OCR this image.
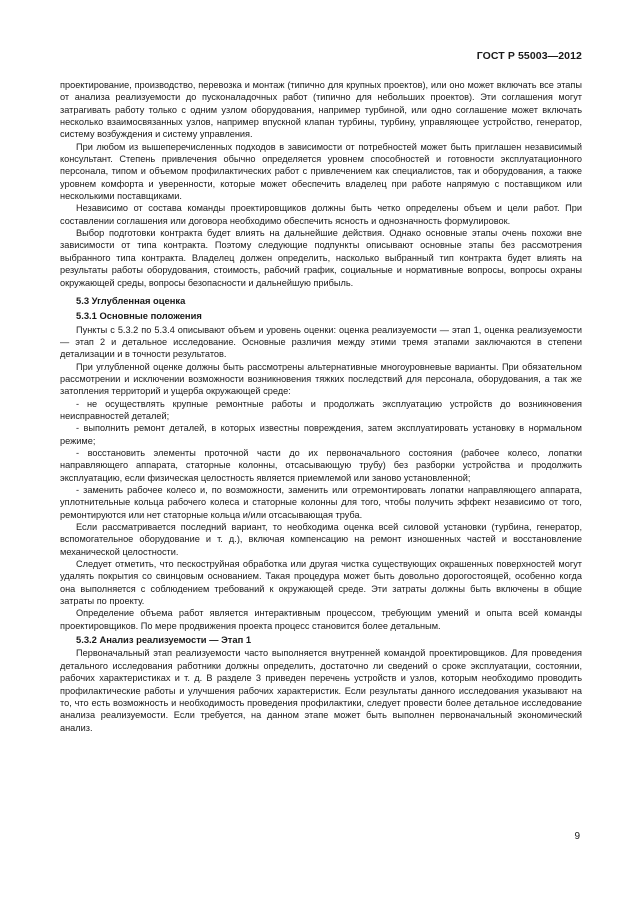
ГОСТ Р 55003—2012

проектирование, производство, перевозка и монтаж (типично для крупных проектов), или оно может включать все этапы от анализа реализуемости до пусконаладочных работ (типично для небольших проектов). Эти соглашения могут затрагивать работу только с одним узлом оборудования, например турбиной, или одно соглашение может включать несколько взаимосвязанных узлов, например впускной клапан турбины, турбину, управляющее устройство, генератор, систему возбуждения и систему управления.

При любом из вышеперечисленных подходов в зависимости от потребностей может быть приглашен независимый консультант. Степень привлечения обычно определяется уровнем способностей и готовности эксплуатационного персонала, типом и объемом профилактических работ с привлечением как специалистов, так и оборудования, а также уровнем комфорта и уверенности, которые может обеспечить владелец при работе напрямую с поставщиком или несколькими поставщиками.

Независимо от состава команды проектировщиков должны быть четко определены объем и цели работ. При составлении соглашения или договора необходимо обеспечить ясность и однозначность формулировок.

Выбор подготовки контракта будет влиять на дальнейшие действия. Однако основные этапы очень похожи вне зависимости от типа контракта. Поэтому следующие подпункты описывают основные этапы без рассмотрения выбранного типа контракта. Владелец должен определить, насколько выбранный тип контракта будет влиять на результаты работы оборудования, стоимость, рабочий график, социальные и нормативные вопросы, вопросы охраны окружающей среды, вопросы безопасности и дальнейшую прибыль.

5.3 Углубленная оценка
5.3.1 Основные положения

Пункты с 5.3.2 по 5.3.4 описывают объем и уровень оценки: оценка реализуемости — этап 1, оценка реализуемости — этап 2 и детальное исследование. Основные различия между этими тремя этапами заключаются в степени детализации и в точности результатов.

При углубленной оценке должны быть рассмотрены альтернативные многоуровневые варианты. При обязательном рассмотрении и исключении возможности возникновения тяжких последствий для персонала, оборудования, а так же затопления территорий и ущерба окружающей среде:

- не осуществлять крупные ремонтные работы и продолжать эксплуатацию устройств до возникновения неисправностей деталей;

- выполнить ремонт деталей, в которых известны повреждения, затем эксплуатировать установку в нормальном режиме;

- восстановить элементы проточной части до их первоначального состояния (рабочее колесо, лопатки направляющего аппарата, статорные колонны, отсасывающую трубу) без разборки устройства и продолжить эксплуатацию, если физическая целостность является приемлемой или заново установленной;

- заменить рабочее колесо и, по возможности, заменить или отремонтировать лопатки направляющего аппарата, уплотнительные кольца рабочего колеса и статорные колонны для того, чтобы получить эффект независимо от того, ремонтируются или нет статорные кольца и/или отсасывающая труба.

Если рассматривается последний вариант, то необходима оценка всей силовой установки (турбина, генератор, вспомогательное оборудование и т. д.), включая компенсацию на ремонт изношенных частей и восстановление механической целостности.

Следует отметить, что пескоструйная обработка или другая чистка существующих окрашенных поверхностей могут удалять покрытия со свинцовым основанием. Такая процедура может быть довольно дорогостоящей, особенно когда она выполняется с соблюдением требований к окружающей среде. Эти затраты должны быть включены в общие затраты по проекту.

Определение объема работ является интерактивным процессом, требующим умений и опыта всей команды проектировщиков. По мере продвижения проекта процесс становится более детальным.

5.3.2 Анализ реализуемости — Этап 1

Первоначальный этап реализуемости часто выполняется внутренней командой проектировщиков. Для проведения детального исследования работники должны определить, достаточно ли сведений о сроке эксплуатации, состоянии, рабочих характеристиках и т. д. В разделе 3 приведен перечень устройств и узлов, которым необходимо проводить профилактические работы и улучшения рабочих характеристик. Если результаты данного исследования указывают на то, что есть возможность и необходимость проведения профилактики, следует провести более детальное исследование анализа реализуемости. Если требуется, на данном этапе может быть выполнен первоначальный экономический анализ.

9
